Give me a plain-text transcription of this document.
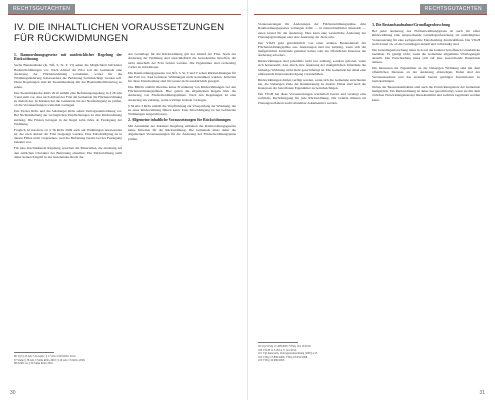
RECHTSGUTACHTEN
IV. DIE INHALTLICHEN VORAUSSETZUNGEN FÜR RÜCKWIDMUNGEN
1. Raumordnungsgesetze mit ausdrücklicher Regelung der Rückwidmung

Sechs Bundesländer (K, NÖ, S, St, T, Vl) sehen die Möglichkeit befristeter Baulandwidmungen vor. Nach Ablauf der Frist soll die Gemeinde eine Änderung der Flächenwidmung vornehmen, wobei für die Widmungsänderung insbesondere die Bebauung berücksichtigt werden soll. Diese Regelungen sind im Zusammenhang mit der Baulandmobilisierung zu sehen.

Das Steiermärkische ROG 2010 enthält eine Befristungsregelung in § 26 Abs 3 und sieht vor, dass nach Ablauf der Frist die Gemeinde die Flächenwidmung zu ändern hat. In Kärnten hat die Gemeinde bei der Neufestlegung zu prüfen, ob die Voraussetzungen weiterhin vorliegen.

Das Tiroler ROG und das Salzburger ROG sehen Vertragsraumordnung vor. Bei Nichteinhaltung der vertraglichen Verpflichtungen ist eine Rückwidmung zulässig. Die Fristen betragen in der Regel zehn Jahre ab Festlegung der Widmung.

Fraglich ist insofern, ob § 36 ROG 2009 auch auf Widmungen anzuwenden ist, die nach Ablauf der Frist festgelegt wurden. Eine Entschädigung ist in diesen Fällen nicht vorgesehen, weil die Befristung bereits bei der Festlegung bekannt war.

Für eine abschließende Regelung sprechen die Materialien, die eindeutig auf den zeitlichen Charakter der Befristung abstellen. Die Rückwidmung stellt daher keinen Eingriff in ein bestehendes Recht dar.

Als Grundlage für die Rückwidmung gilt der Ablauf der Frist. Nach der Änderung der Widmung sind ausschließlich die Grundstücke betroffen, die nicht innerhalb der Frist bebaut wurden. Die Eigentümer sind rechtzeitig vorher zu informieren.

Die Raumordnungsgesetze von NÖ, S, St, T und V sehen Rückwidmungen für den Fall vor, dass befristete Widmungen nicht konsumiert wurden. Kriterien für diese Entscheidung sind im Gesetz nicht ausdrücklich geregelt.

Das BROG enthält überdies keine Erwähnung von Rückwidmungen bei den Flächenwidmungsplänen. Hier gelten die allgemeinen Regeln über die Änderung von Flächenwidmungsplänen. Nach den Regelungen ist eine Änderung nur zulässig, wenn wichtige Gründe vorliegen.

§ 36 Abs 3 ROG enthält die Verpflichtung zur Überprüfung der Widmung, die zu einer Rückwidmung führen kann. Eine Entschädigung ist bei befristeten Widmungen ausgeschlossen.

2. Allgemeine inhaltliche Voraussetzungen für Rückwidmungen

Mit Ausnahme der Kärntner Regelung enthalten die Raumordnungsgesetze keine Kriterien für die Rückwidmung. Die Gemeinde muss daher die allgemeinen Voraussetzungen für die Änderung des Flächenwidmungsplans prüfen.

96 Vgl § 25 Abs 3 K-GplG; § 17 Abs 4 NÖ ROG 2014.
97 Siehe § 36 Abs 3 Stmk ROG 2010; § 29 Abs 3 S ROG 2009.
98 ErlRV zu § 36 Stmk ROG 2010.
30
RECHTSGUTACHTEN

Voraussetzungen für Änderungen der Flächenwidmungspläne. Alle Raumordnungsgesetze verlangen dafür — in unterschiedlicher Intensität — einen Grund für die Änderung. Dies kann eine wesentliche Änderung der Planungsgrundlagen oder eine Änderung der Ziele sein.

Der VfGH geht grundsätzlich von einer strikten Bestandskraft der Flächenwidmungspläne aus. Änderungen sind nur zulässig, wenn sich die maßgeblichen Umstände geändert haben oder ein öffentliches Interesse die Änderung erfordert.

Rückwidmungen sind jedenfalls nicht nur zulässig, sondern geboten, wenn sich herausstellt, dass durch eine Änderung der maßgeblichen Umstände die bisherige Widmung nicht mehr gerechtfertigt ist. Die Gemeinde hat dabei eine umfassende Interessenabwägung vorzunehmen.

Rückwidmungen dürfen verfügt werden, wenn sich die Gemeinde entschieden hat, die bisherigen Ziele der Raumplanung zu ändern. Dabei sind auch die Interessen der betroffenen Eigentümer zu berücksichtigen.

Der VfGH hat diese Voraussetzungen wiederholt betont und verlangt eine sachliche Rechtfertigung für jede Rückwidmung. Die Gründe müssen im Planungsverfahren nachvollziehbar dokumentiert werden.

3. Die Bestandsaufnahme/Grundlagenforschung

Bei jeder Änderung des Flächenwidmungsplans ist auch bei einer Rückwidmung eine entsprechende Grundlagenforschung als unabdingbare Voraussetzung für eine sachgerechte Entscheidung durchzuführen. Der VfGH stellt darauf ab, ob die Grundlagen aktuell und vollständig sind.

Die Grundlagenforschung muss sich auf die konkret betroffenen Grundstücke beziehen. Es genügt nicht, wenn die Gemeinde allgemeine Überlegungen anstellt. Die Entscheidung muss sich auf eine ausreichende Datenbasis stützen.

Die Interessen der Eigentümer an der bisherigen Widmung sind mit dem öffentlichen Interesse an der Änderung abzuwägen. Dabei sind der Vertrauensschutz und das Ausmaß bereits getätigter Investitionen zu berücksichtigen.

Neben der Bestandsaufnahme sind auch die Entwicklungsziele der Gemeinde maßgeblich. Ein Rückwidmung ist daher nur gerechtfertigt, wenn sie mit dem örtlichen Entwicklungskonzept übereinstimmt und sachlich begründet werden kann.

99 Vgl VfSlg 17.468/2005; VfSlg 19.113/2010.
100 VfGH 11.3.2014, V 141/2013.
101 Vgl Kleewein, Vertragsraumordnung (2003) 215.
102 VfSlg 17.889/2006; VfSlg 18.654/2008.
103 VfSlg 16.986/2003.
31
